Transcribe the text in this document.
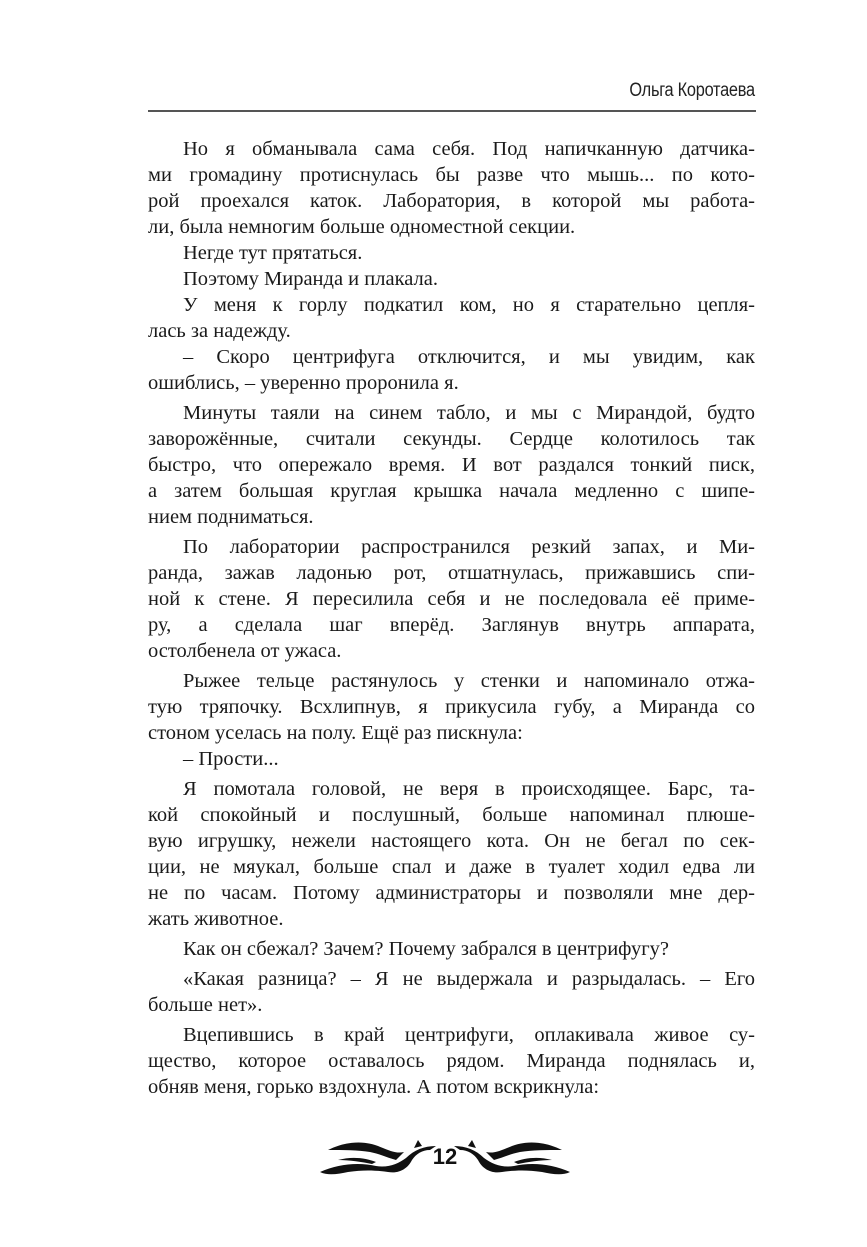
Ольга Коротаева
Но я обманывала сама себя. Под напичканную датчика-
ми громадину протиснулась бы разве что мышь... по кото-
рой проехался каток. Лаборатория, в которой мы работа-
ли, была немногим больше одноместной секции.
Негде тут прятаться.
Поэтому Миранда и плакала.
У меня к горлу подкатил ком, но я старательно цепля-
лась за надежду.
– Скоро центрифуга отключится, и мы увидим, как
ошиблись, – уверенно проронила я.
Минуты таяли на синем табло, и мы с Мирандой, будто
заворожённые, считали секунды. Сердце колотилось так
быстро, что опережало время. И вот раздался тонкий писк,
а затем большая круглая крышка начала медленно с шипе-
нием подниматься.
По лаборатории распространился резкий запах, и Ми-
ранда, зажав ладонью рот, отшатнулась, прижавшись спи-
ной к стене. Я пересилила себя и не последовала её приме-
ру, а сделала шаг вперёд. Заглянув внутрь аппарата,
остолбенела от ужаса.
Рыжее тельце растянулось у стенки и напоминало отжа-
тую тряпочку. Всхлипнув, я прикусила губу, а Миранда со
стоном уселась на полу. Ещё раз пискнула:
– Прости...
Я помотала головой, не веря в происходящее. Барс, та-
кой спокойный и послушный, больше напоминал плюше-
вую игрушку, нежели настоящего кота. Он не бегал по сек-
ции, не мяукал, больше спал и даже в туалет ходил едва ли
не по часам. Потому администраторы и позволяли мне дер-
жать животное.
Как он сбежал? Зачем? Почему забрался в центрифугу?
«Какая разница? – Я не выдержала и разрыдалась. – Его
больше нет».
Вцепившись в край центрифуги, оплакивала живое су-
щество, которое оставалось рядом. Миранда поднялась и,
обняв меня, горько вздохнула. А потом вскрикнула:
12
